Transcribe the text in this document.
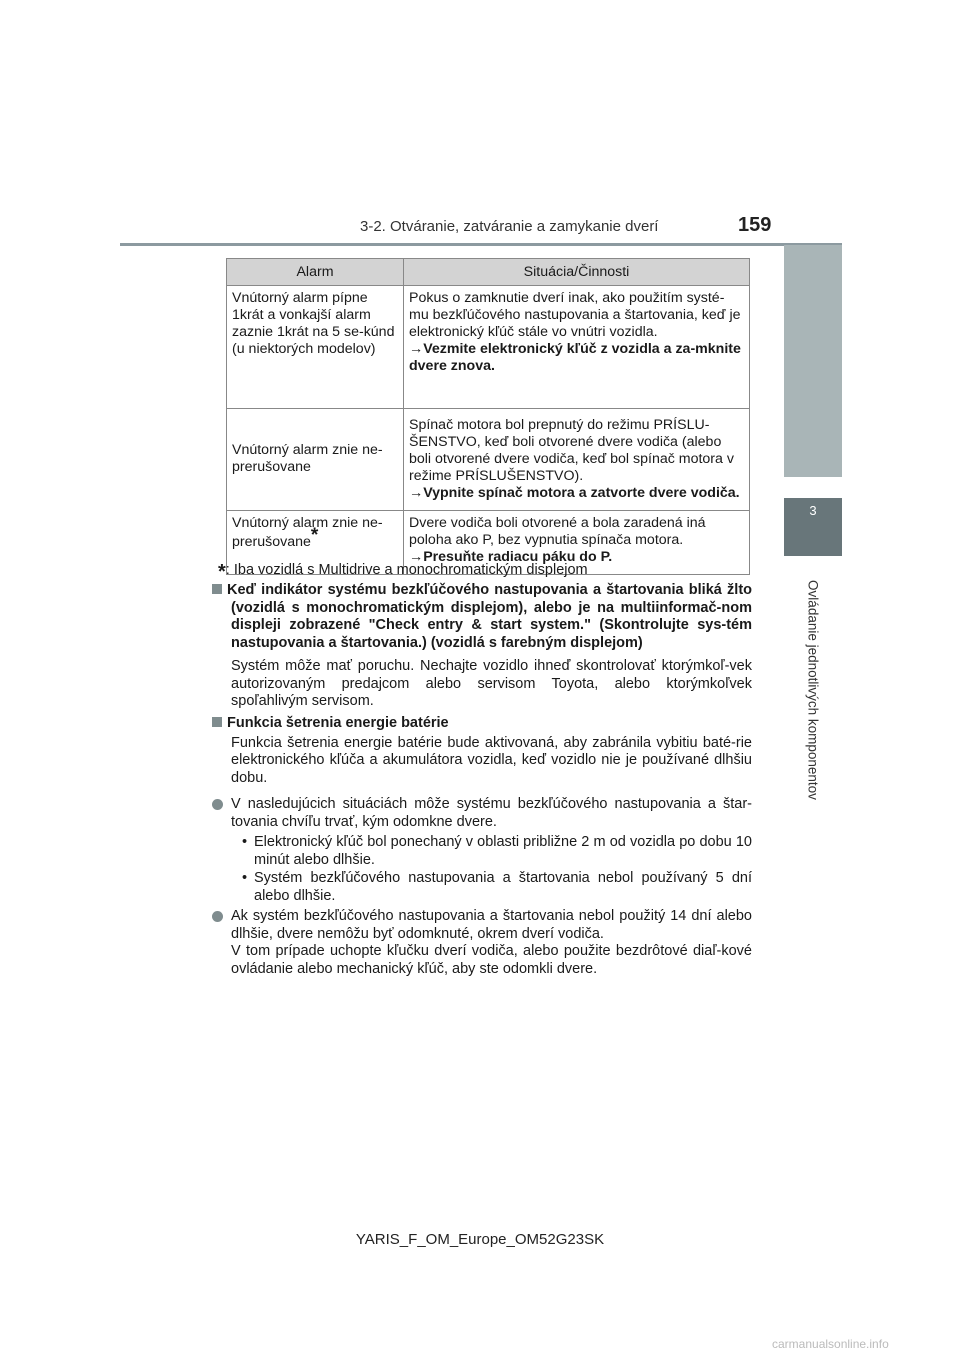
3-2. Otváranie, zatváranie a zamykanie dverí	159
3
Ovládanie jednotlivých komponentov
Alarm	Situácia/Činnosti
Vnútorný alarm pípne 1krát a vonkajší alarm zaznie 1krát na 5 se-kúnd (u niektorých modelov)	Pokus o zamknutie dverí inak, ako použitím systé-mu bezkľúčového nastupovania a štartovania, keď je elektronický kľúč stále vo vnútri vozidla.
→Vezmite elektronický kľúč z vozidla a za-mknite dvere znova.

Vnútorný alarm znie ne-prerušovane	Spínač motora bol prepnutý do režimu PRÍSLU-ŠENSTVO, keď boli otvorené dvere vodiča (alebo boli otvorené dvere vodiča, keď bol spínač motora v režime PRÍSLUŠENSTVO).
→Vypnite spínač motora a zatvorte dvere vodiča.

Vnútorný alarm znie ne-prerušovane*	Dvere vodiča boli otvorené a bola zaradená iná poloha ako P, bez vypnutia spínača motora.
→Presuňte radiacu páku do P.
*: Iba vozidlá s Multidrive a monochromatickým displejom
Keď indikátor systému bezkľúčového nastupovania a štartovania bliká žlto (vozidlá s monochromatickým displejom), alebo je na multiinformač-nom displeji zobrazené "Check entry & start system." (Skontrolujte sys-tém nastupovania a štartovania.) (vozidlá s farebným displejom)
Systém môže mať poruchu. Nechajte vozidlo ihneď skontrolovať ktorýmkoľ-vek autorizovaným predajcom alebo servisom Toyota, alebo ktorýmkoľvek spoľahlivým servisom.
Funkcia šetrenia energie batérie
Funkcia šetrenia energie batérie bude aktivovaná, aby zabránila vybitiu baté-rie elektronického kľúča a akumulátora vozidla, keď vozidlo nie je používané dlhšiu dobu.
V nasledujúcich situáciách môže systému bezkľúčového nastupovania a štar-tovania chvíľu trvať, kým odomkne dvere.
• Elektronický kľúč bol ponechaný v oblasti približne 2 m od vozidla po dobu 10 minút alebo dlhšie.
• Systém bezkľúčového nastupovania a štartovania nebol používaný 5 dní alebo dlhšie.
Ak systém bezkľúčového nastupovania a štartovania nebol použitý 14 dní alebo dlhšie, dvere nemôžu byť odomknuté, okrem dverí vodiča.
V tom prípade uchopte kľučku dverí vodiča, alebo použite bezdrôtové diaľ-kové ovládanie alebo mechanický kľúč, aby ste odomkli dvere.
YARIS_F_OM_Europe_OM52G23SK
carmanualsonline.info
